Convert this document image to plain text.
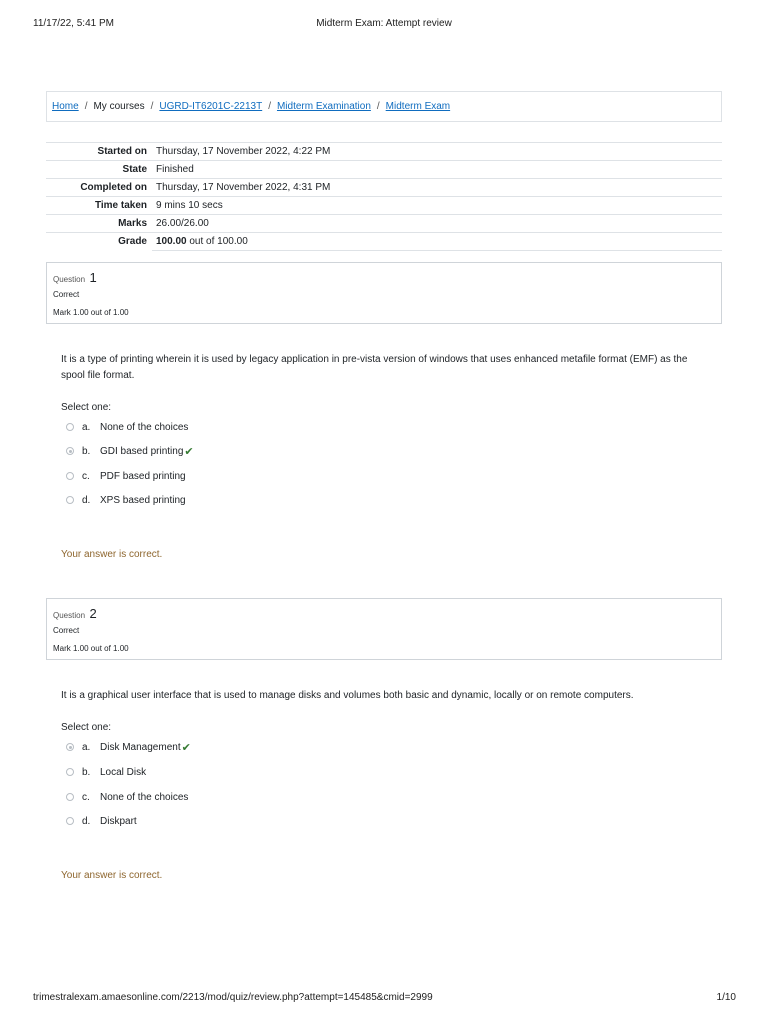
11/17/22, 5:41 PM	Midterm Exam: Attempt review
Home / My courses / UGRD-IT6201C-2213T / Midterm Examination / Midterm Exam
Started on	Thursday, 17 November 2022, 4:22 PM
State	Finished
Completed on	Thursday, 17 November 2022, 4:31 PM
Time taken	9 mins 10 secs
Marks	26.00/26.00
Grade	100.00 out of 100.00
Question 1
Correct
Mark 1.00 out of 1.00
It is a type of printing wherein it is used by legacy application in pre-vista version of windows that uses enhanced metafile format (EMF) as the spool file format.
Select one:
a. None of the choices
b. GDI based printing ✔
c.	PDF based printing
d. XPS based printing
Your answer is correct.
Question 2
Correct
Mark 1.00 out of 1.00
It is a graphical user interface that is used to manage disks and volumes both basic and dynamic, locally or on remote computers.
Select one:
a. Disk Management ✔
b. Local Disk
c.	None of the choices
d. Diskpart
Your answer is correct.
trimestralexam.amaesonline.com/2213/mod/quiz/review.php?attempt=145485&cmid=2999	1/10
